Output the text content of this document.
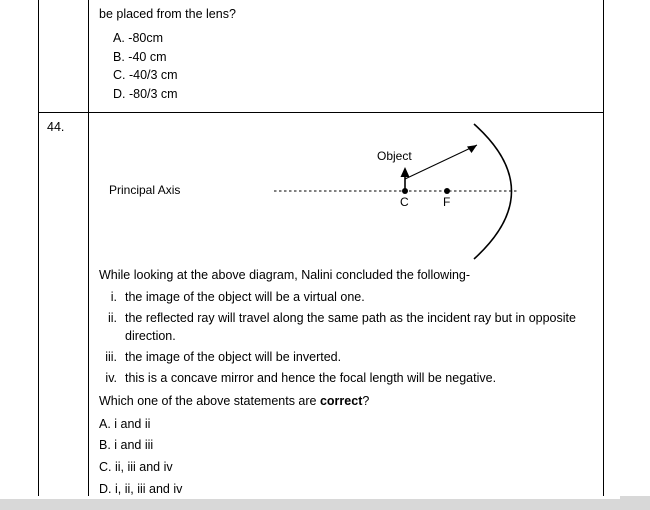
be placed from the lens?
A. -80cm
B. -40 cm
C. -40/3 cm
D. -80/3 cm
44.
Principal Axis
Object
C	F
While looking at the above diagram, Nalini concluded the following-
i. the image of the object will be a virtual one.
ii. the reflected ray will travel along the same path as the incident ray but in opposite direction.
iii. the image of the object will be inverted.
iv. this is a concave mirror and hence the focal length will be negative.
Which one of the above statements are correct?
A. i and ii
B. i and iii
C. ii, iii and iv
D. i, ii, iii and iv
